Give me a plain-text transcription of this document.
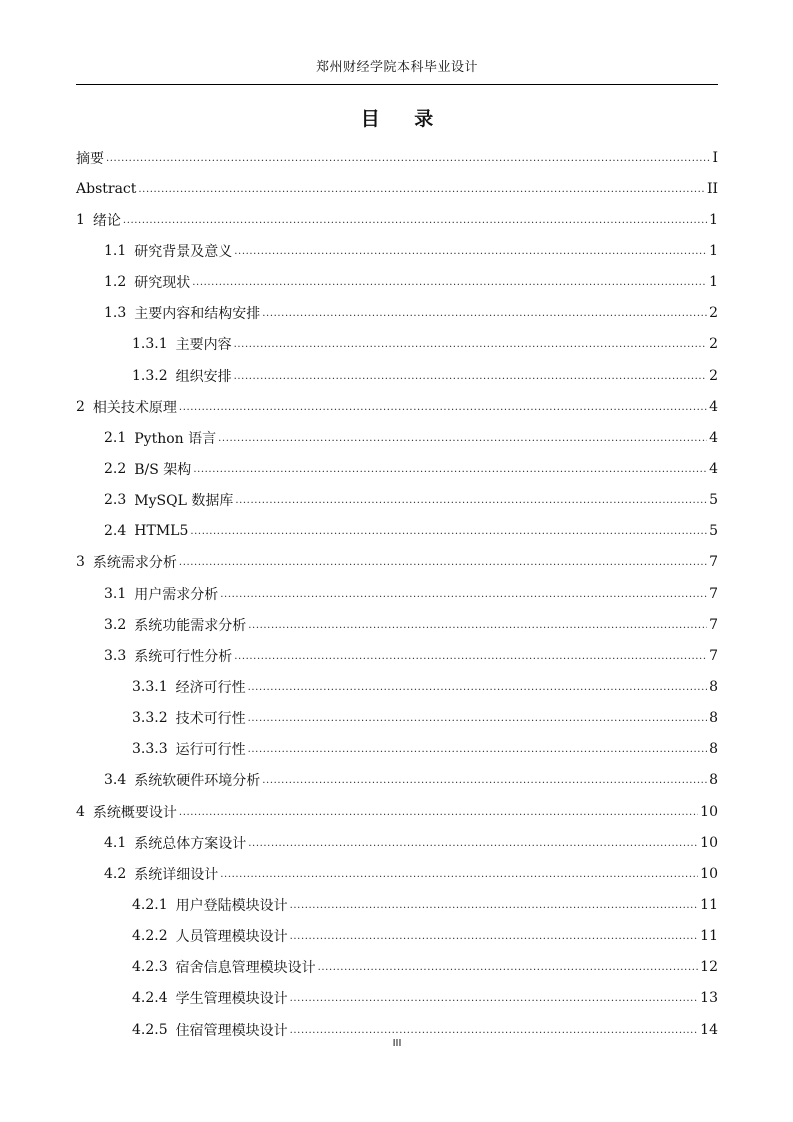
郑州财经学院本科毕业设计
目 录
摘要 .....	I
Abstract .....	II
1 绪论 .....	1
1.1 研究背景及意义 .....	1
1.2 研究现状 .....	1
1.3 主要内容和结构安排 .....	2
1.3.1 主要内容 .....	2
1.3.2 组织安排 .....	2
2 相关技术原理 .....	4
2.1 Python 语言 .....	4
2.2 B/S 架构 .....	4
2.3 MySQL 数据库 .....	5
2.4 HTML5 .....	5
3 系统需求分析 .....	7
3.1 用户需求分析 .....	7
3.2 系统功能需求分析 .....	7
3.3 系统可行性分析 .....	7
3.3.1 经济可行性 .....	8
3.3.2 技术可行性 .....	8
3.3.3 运行可行性 .....	8
3.4 系统软硬件环境分析 .....	8
4 系统概要设计 .....	10
4.1 系统总体方案设计 .....	10
4.2 系统详细设计 .....	10
4.2.1 用户登陆模块设计 .....	11
4.2.2 人员管理模块设计 .....	11
4.2.3 宿舍信息管理模块设计 .....	12
4.2.4 学生管理模块设计 .....	13
4.2.5 住宿管理模块设计 .....	14
III
